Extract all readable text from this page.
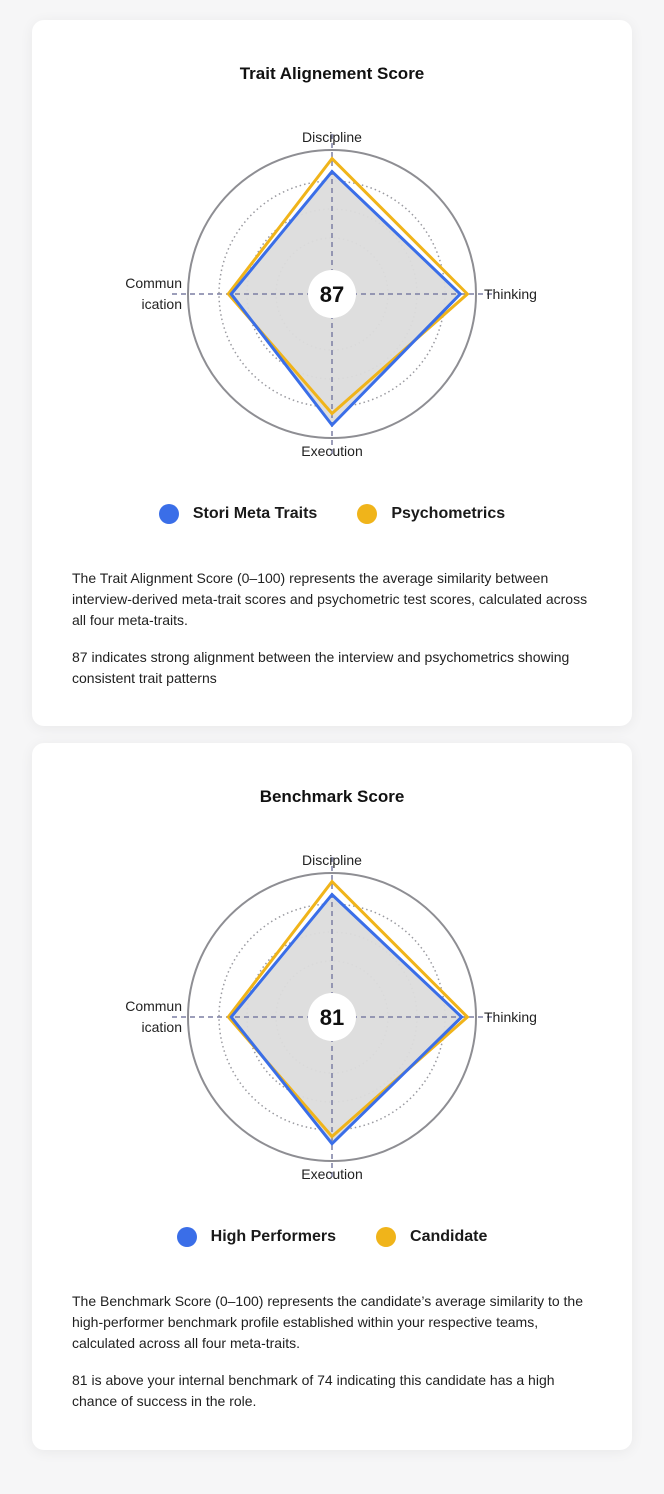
Trait Alignement Score
87
Discipline
Thinking
Execution
Commun
ication
Stori Meta Traits	Psychometrics

The Trait Alignment Score (0–100) represents the average similarity between interview-derived meta-trait scores and psychometric test scores, calculated across all four meta-traits.

87 indicates strong alignment between the interview and psychometrics showing consistent trait patterns

Benchmark Score
81
Discipline
Thinking
Execution
Commun
ication
High Performers	Candidate

The Benchmark Score (0–100) represents the candidate’s average similarity to the high-performer benchmark profile established within your respective teams, calculated across all four meta-traits.

81 is above your internal benchmark of 74 indicating this candidate has a high chance of success in the role.
